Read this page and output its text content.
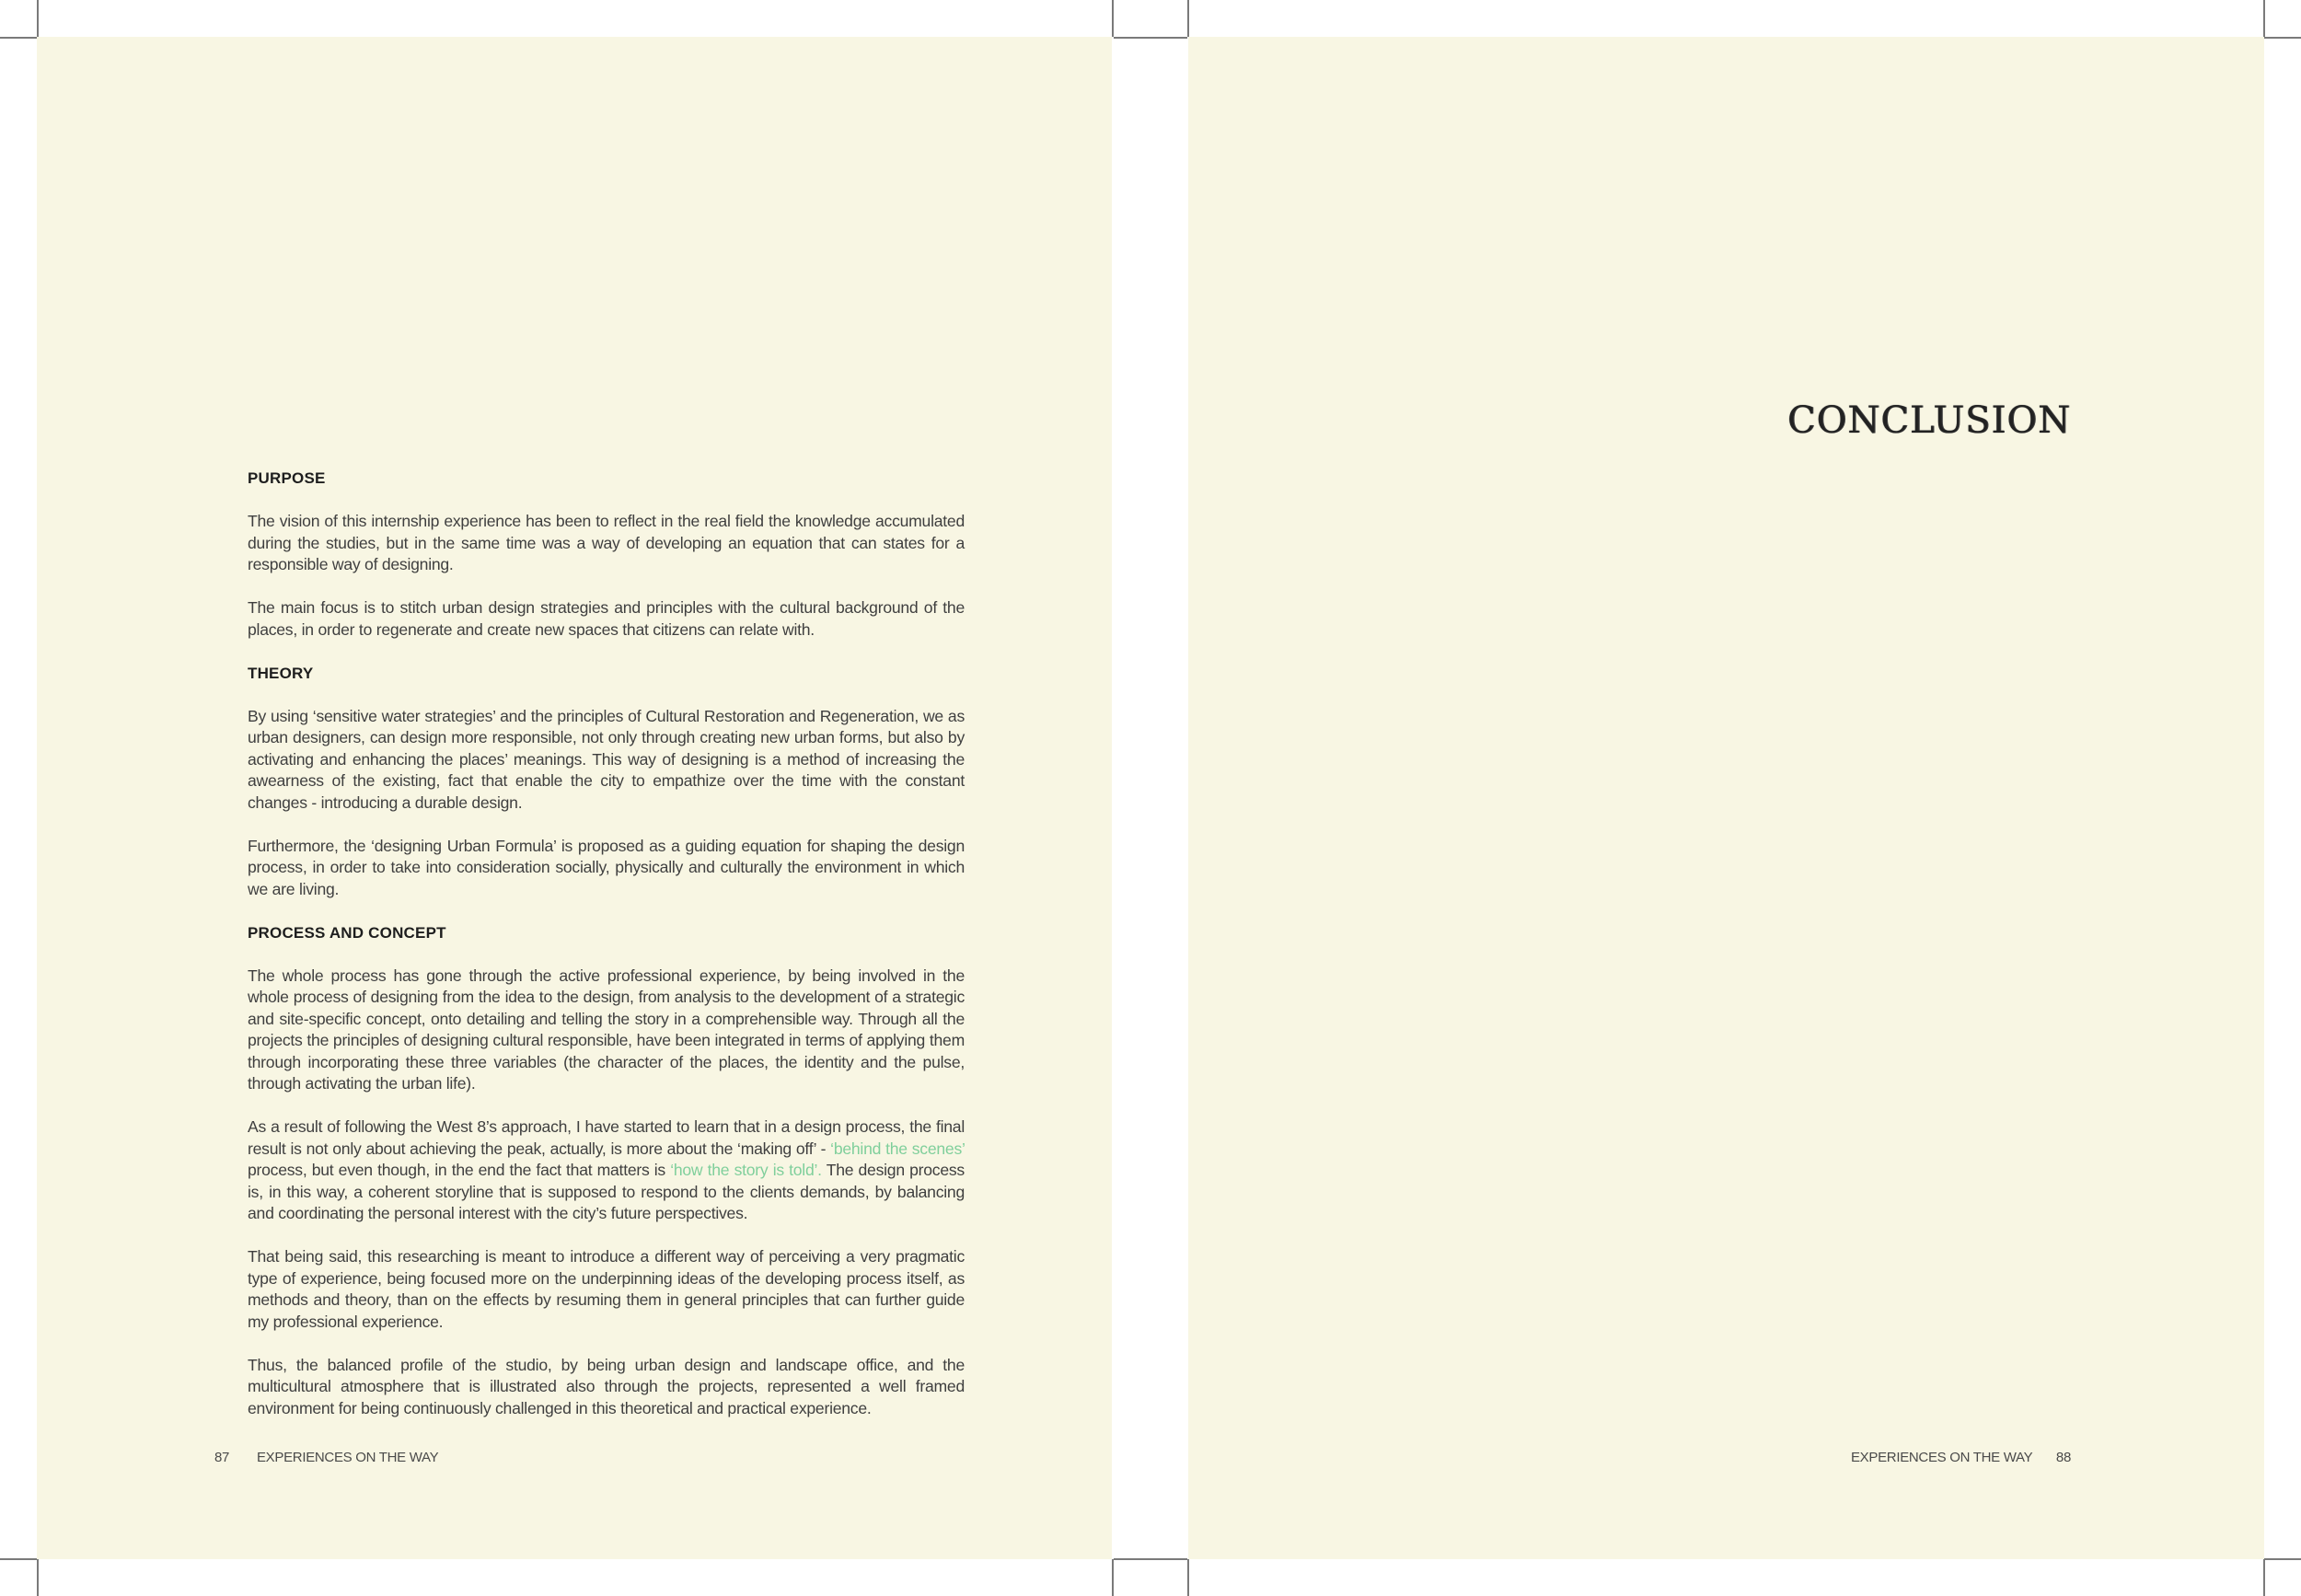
PURPOSE

The vision of this internship experience has been to reflect in the real field the knowledge accumulated during the studies, but in the same time was a way of developing an equation that can states for a responsible way of designing.

The main focus is to stitch urban design strategies and principles with the cultural background of the places, in order to regenerate and create new spaces that citizens can relate with.

THEORY

By using ‘sensitive water strategies’ and the principles of Cultural Restoration and Regeneration, we as urban designers, can design more responsible, not only through creating new urban forms, but also by activating and enhancing the places’ meanings. This way of designing is a method of increasing the awearness of the existing, fact that enable the city to empathize over the time with the constant changes - introducing a durable design.

Furthermore, the ‘designing Urban Formula’ is proposed as a guiding equation for shaping the design process, in order to take into consideration socially, physically and culturally the environment in which we are living.

PROCESS AND CONCEPT

The whole process has gone through the active professional experience, by being involved in the whole process of designing from the idea to the design, from analysis to the development of a strategic and site-specific concept, onto detailing and telling the story in a comprehensible way. Through all the projects the principles of designing cultural responsible, have been integrated in terms of applying them through incorporating these three variables (the character of the places, the identity and the pulse, through activating the urban life).

As a result of following the West 8’s approach, I have started to learn that in a design process, the final result is not only about achieving the peak, actually, is more about the ‘making off’ - ‘behind the scenes’ process, but even though, in the end the fact that matters is ‘how the story is told’. The design process is, in this way, a coherent storyline that is supposed to respond to the clients demands, by balancing and coordinating the personal interest with the city’s future perspectives.

That being said, this researching is meant to introduce a different way of perceiving a very pragmatic type of experience, being focused more on the underpinning ideas of the developing process itself, as methods and theory, than on the effects by resuming them in general principles that can further guide my professional experience.

Thus, the balanced profile of the studio, by being urban design and landscape office, and the multicultural atmosphere that is illustrated also through the projects, represented a well framed environment for being continuously challenged in this theoretical and practical experience.

87 EXPERIENCES ON THE WAY
CONCLUSION
EXPERIENCES ON THE WAY 88
